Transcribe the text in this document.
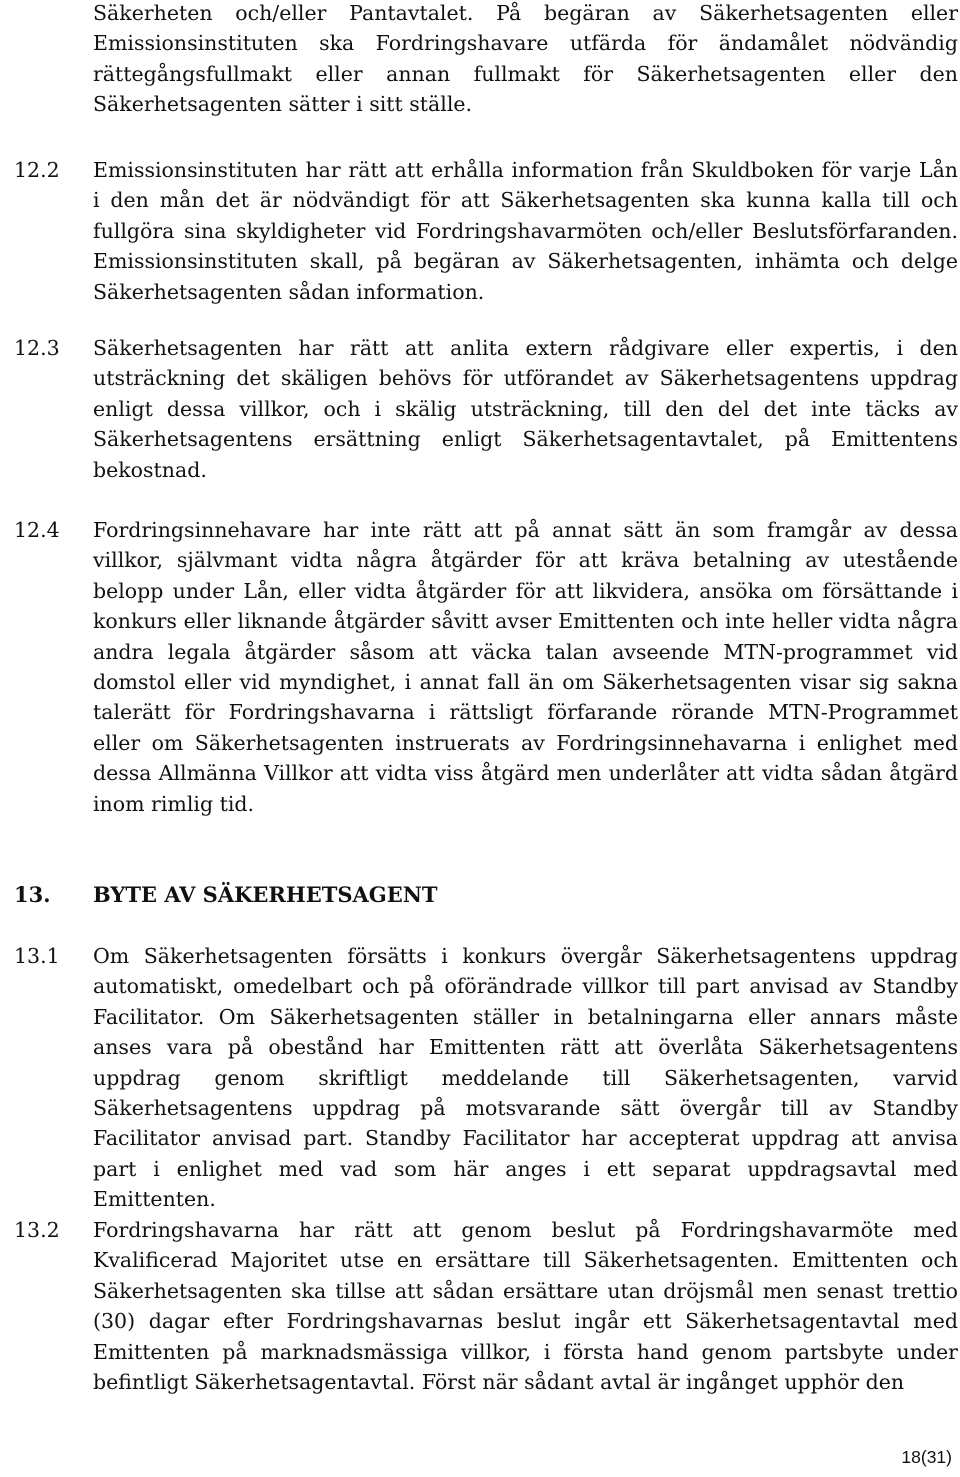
Säkerheten och/eller Pantavtalet. På begäran av Säkerhetsagenten eller Emissionsinstituten ska Fordringshavare utfärda för ändamålet nödvändig rättegångsfullmakt eller annan fullmakt för Säkerhetsagenten eller den Säkerhetsagenten sätter i sitt ställe.

12.2 Emissionsinstituten har rätt att erhålla information från Skuldboken för varje Lån i den mån det är nödvändigt för att Säkerhetsagenten ska kunna kalla till och fullgöra sina skyldigheter vid Fordringshavarmöten och/eller Beslutsförfaranden. Emissionsinstituten skall, på begäran av Säkerhetsagenten, inhämta och delge Säkerhetsagenten sådan information.

12.3 Säkerhetsagenten har rätt att anlita extern rådgivare eller expertis, i den utsträckning det skäligen behövs för utförandet av Säkerhetsagentens uppdrag enligt dessa villkor, och i skälig utsträckning, till den del det inte täcks av Säkerhetsagentens ersättning enligt Säkerhetsagentavtalet, på Emittentens bekostnad.

12.4 Fordringsinnehavare har inte rätt att på annat sätt än som framgår av dessa villkor, självmant vidta några åtgärder för att kräva betalning av utestående belopp under Lån, eller vidta åtgärder för att likvidera, ansöka om försättande i konkurs eller liknande åtgärder såvitt avser Emittenten och inte heller vidta några andra legala åtgärder såsom att väcka talan avseende MTN-programmet vid domstol eller vid myndighet, i annat fall än om Säkerhetsagenten visar sig sakna talerätt för Fordringshavarna i rättsligt förfarande rörande MTN-Programmet eller om Säkerhetsagenten instruerats av Fordringsinnehavarna i enlighet med dessa Allmänna Villkor att vidta viss åtgärd men underlåter att vidta sådan åtgärd inom rimlig tid.

13. BYTE AV SÄKERHETSAGENT

13.1 Om Säkerhetsagenten försätts i konkurs övergår Säkerhetsagentens uppdrag automatiskt, omedelbart och på oförändrade villkor till part anvisad av Standby Facilitator. Om Säkerhetsagenten ställer in betalningarna eller annars måste anses vara på obestånd har Emittenten rätt att överlåta Säkerhetsagentens uppdrag genom skriftligt meddelande till Säkerhetsagenten, varvid Säkerhetsagentens uppdrag på motsvarande sätt övergår till av Standby Facilitator anvisad part. Standby Facilitator har accepterat uppdrag att anvisa part i enlighet med vad som här anges i ett separat uppdragsavtal med Emittenten.

13.2 Fordringshavarna har rätt att genom beslut på Fordringshavarmöte med Kvalificerad Majoritet utse en ersättare till Säkerhetsagenten. Emittenten och Säkerhetsagenten ska tillse att sådan ersättare utan dröjsmål men senast trettio (30) dagar efter Fordringshavarnas beslut ingår ett Säkerhetsagentavtal med Emittenten på marknadsmässiga villkor, i första hand genom partsbyte under befintligt Säkerhetsagentavtal. Först när sådant avtal är ingånget upphör den

18(31)
